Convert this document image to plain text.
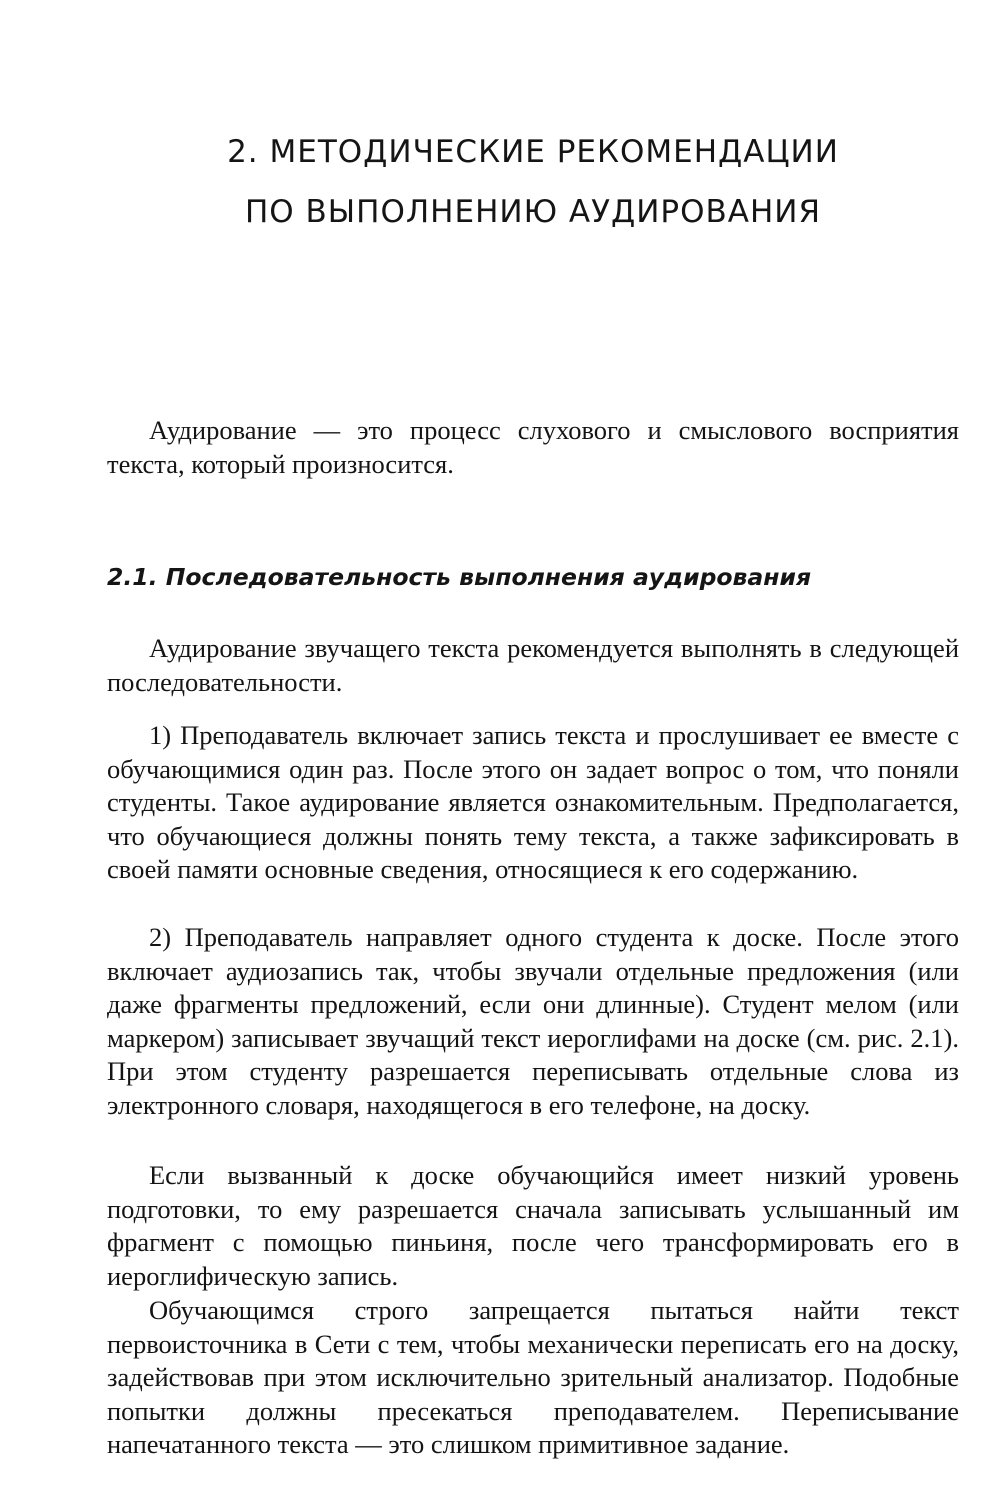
2. МЕТОДИЧЕСКИЕ РЕКОМЕНДАЦИИ
ПО ВЫПОЛНЕНИЮ АУДИРОВАНИЯ

Аудирование — это процесс слухового и смыслового восприятия текста, который произносится.

2.1. Последовательность выполнения аудирования

Аудирование звучащего текста рекомендуется выполнять в следующей последовательности.

1) Преподаватель включает запись текста и прослушивает ее вместе с обучающимися один раз. После этого он задает вопрос о том, что поняли студенты. Такое аудирование является ознакомительным. Предполагается, что обучающиеся должны понять тему текста, а также зафиксировать в своей памяти основные сведения, относящиеся к его содержанию.

2) Преподаватель направляет одного студента к доске. После этого включает аудиозапись так, чтобы звучали отдельные предложения (или даже фрагменты предложений, если они длинные). Студент мелом (или маркером) записывает звучащий текст иероглифами на доске (см. рис. 2.1). При этом студенту разрешается переписывать отдельные слова из электронного словаря, находящегося в его телефоне, на доску.

Если вызванный к доске обучающийся имеет низкий уровень подготовки, то ему разрешается сначала записывать услышанный им фрагмент с помощью пиньиня, после чего трансформировать его в иероглифическую запись.

Обучающимся строго запрещается пытаться найти текст первоисточника в Сети с тем, чтобы механически переписать его на доску, задействовав при этом исключительно зрительный анализатор. Подобные попытки должны пресекаться преподавателем. Переписывание напечатанного текста — это слишком примитивное задание.
